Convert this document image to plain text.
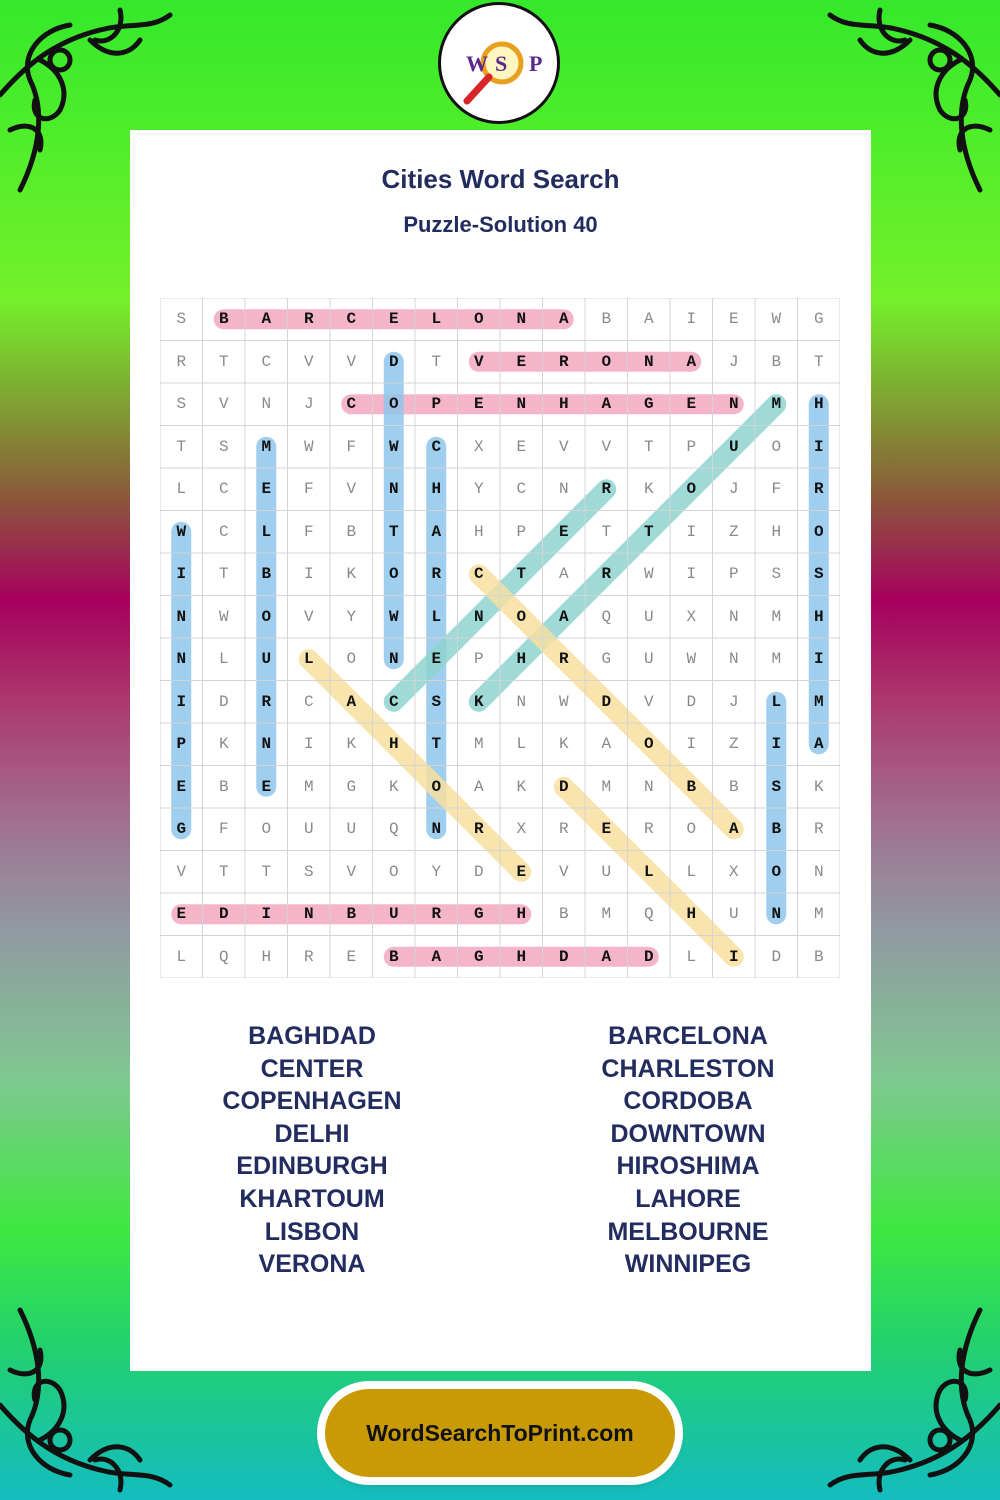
W S P
Cities Word Search
Puzzle-Solution 40
S	B	A	R	C	E	L	O	N	A	B	A	I	E	W	G
R	T	C	V	V	D	T	V	E	R	O	N	A	J	B	T
S	V	N	J	C	O	P	E	N	H	A	G	E	N	M	H
T	S	M	W	F	W	C	X	E	V	V	T	P	U	O	I
L	C	E	F	V	N	H	Y	C	N	R	K	O	J	F	R
W	C	L	F	B	T	A	H	P	E	T	T	I	Z	H	O
I	T	B	I	K	O	R	C	T	A	R	W	I	P	S	S
N	W	O	V	Y	W	L	N	O	A	Q	U	X	N	M	H
N	L	U	L	O	N	E	P	H	R	G	U	W	N	M	I
I	D	R	C	A	C	S	K	N	W	D	V	D	J	L	M
P	K	N	I	K	H	T	M	L	K	A	O	I	Z	I	A
E	B	E	M	G	K	O	A	K	D	M	N	B	B	S	K
G	F	O	U	U	Q	N	R	X	R	E	R	O	A	B	R
V	T	T	S	V	O	Y	D	E	V	U	L	L	X	O	N
E	D	I	N	B	U	R	G	H	B	M	Q	H	U	N	M
L	Q	H	R	E	B	A	G	H	D	A	D	L	I	D	B
BAGHDAD
CENTER
COPENHAGEN
DELHI
EDINBURGH
KHARTOUM
LISBON
VERONA
BARCELONA
CHARLESTON
CORDOBA
DOWNTOWN
HIROSHIMA
LAHORE
MELBOURNE
WINNIPEG
WordSearchToPrint.com
